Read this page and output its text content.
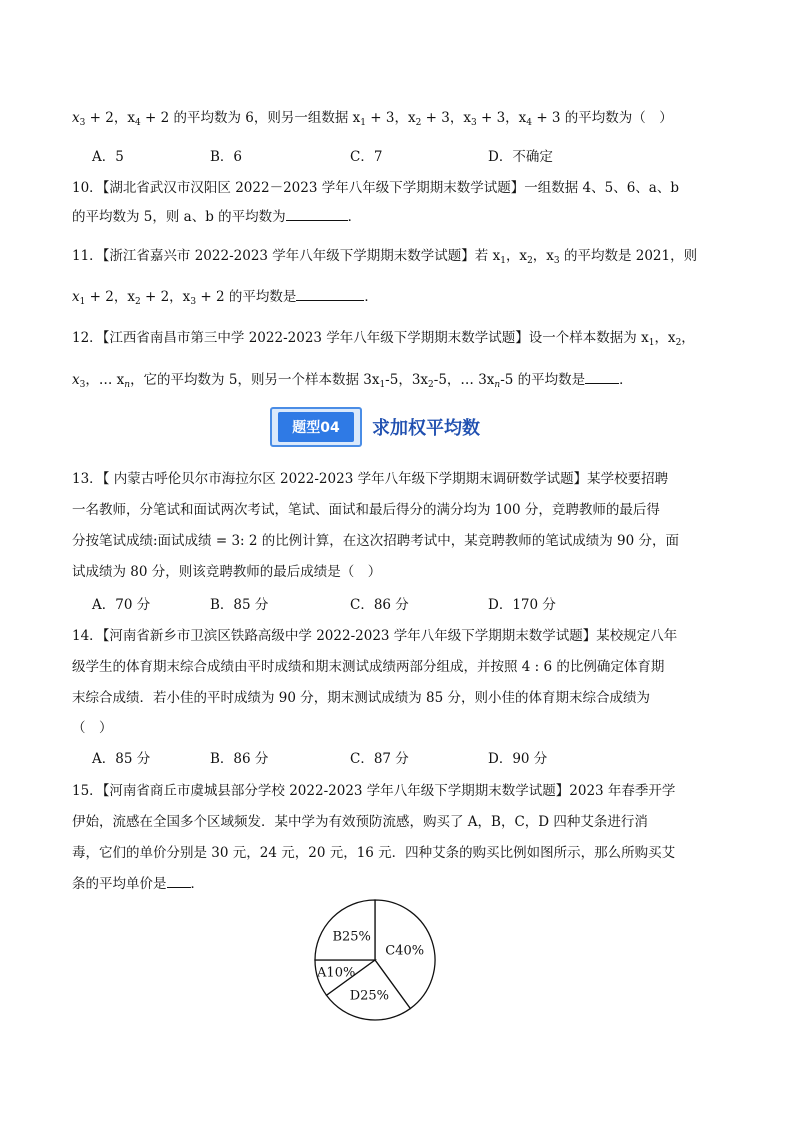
$x_3 + 2$，$x_4 + 2$ 的平均数为 6，则另一组数据 $x_1 + 3$，$x_2 + 3$，$x_3 + 3$，$x_4 + 3$ 的平均数为（　）
A．5	B．6	C．7	D．不确定
10．【湖北省武汉市汉阳区 2022－2023 学年八年级下学期期末数学试题】一组数据 4、5、6、a、b
的平均数为 5，则 a、b 的平均数为	．
11．【浙江省嘉兴市 2022-2023 学年八年级下学期期末数学试题】若 $x_1$，$x_2$，$x_3$ 的平均数是 2021，则
$x_1 + 2$，$x_2 + 2$，$x_3 + 2$ 的平均数是	．
12．【江西省南昌市第三中学 2022-2023 学年八年级下学期期末数学试题】设一个样本数据为 $x_1$，$x_2$，
$x_3$，… $x_n$，它的平均数为 5，则另一个样本数据 $3x_1-5$，$3x_2-5$，… $3x_n-5$ 的平均数是	．
题型04	求加权平均数
13．【 内蒙古呼伦贝尔市海拉尔区 2022-2023 学年八年级下学期期末调研数学试题】某学校要招聘
一名教师，分笔试和面试两次考试，笔试、面试和最后得分的满分均为 100 分，竞聘教师的最后得
分按笔试成绩:面试成绩 = 3: 2 的比例计算，在这次招聘考试中，某竞聘教师的笔试成绩为 90 分，面
试成绩为 80 分，则该竞聘教师的最后成绩是（　）
A．70 分	B．85 分	C．86 分	D．170 分
14．【河南省新乡市卫滨区铁路高级中学 2022-2023 学年八年级下学期期末数学试题】某校规定八年
级学生的体育期末综合成绩由平时成绩和期末测试成绩两部分组成，并按照 4 : 6 的比例确定体育期
末综合成绩．若小佳的平时成绩为 90 分，期末测试成绩为 85 分，则小佳的体育期末综合成绩为
（　）
A．85 分	B．86 分	C．87 分	D．90 分
15．【河南省商丘市虞城县部分学校 2022-2023 学年八年级下学期期末数学试题】2023 年春季开学
伊始，流感在全国多个区域频发．某中学为有效预防流感，购买了 A，B，C，D 四种艾条进行消
毒，它们的单价分别是 30 元，24 元，20 元，16 元．四种艾条的购买比例如图所示，那么所购买艾
条的平均单价是 ．
C40%
D25%
A10%
B25%
